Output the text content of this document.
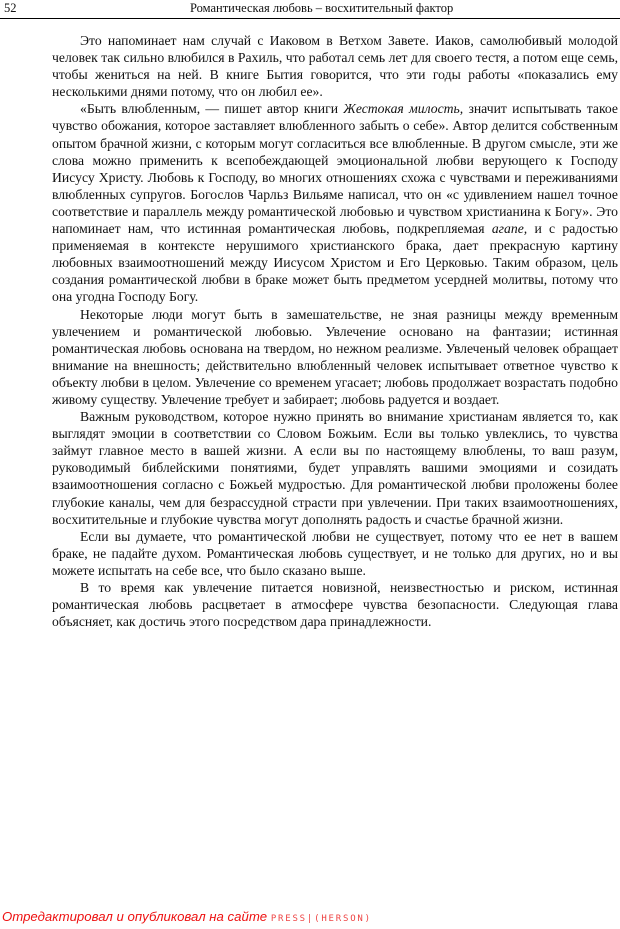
52	Романтическая любовь – восхитительный фактор

Это напоминает нам случай с Иаковом в Ветхом Завете. Иаков, самолюбивый молодой человек так сильно влюбился в Рахиль, что работал семь лет для своего тестя, а потом еще семь, чтобы жениться на ней. В книге Бытия говорится, что эти годы работы «показались ему несколькими днями потому, что он любил ее».

«Быть влюбленным, — пишет автор книги Жестокая милость, значит испытывать такое чувство обожания, которое заставляет влюбленного забыть о себе». Автор делится собственным опытом брачной жизни, с которым могут согласиться все влюбленные. В другом смысле, эти же слова можно применить к всепобеждающей эмоциональной любви верующего к Господу Иисусу Христу. Любовь к Господу, во многих отношениях схожа с чувствами и переживаниями влюбленных супругов. Богослов Чарльз Вильяме написал, что он «с удивлением нашел точное соответствие и параллель между романтической любовью и чувством христианина к Богу». Это напоминает нам, что истинная романтическая любовь, подкрепляемая агапе, и с радостью применяемая в контексте нерушимого христианского брака, дает прекрасную картину любовных взаимоотношений между Иисусом Христом и Его Церковью. Таким образом, цель создания романтической любви в браке может быть предметом усердней молитвы, потому что она угодна Господу Богу.

Некоторые люди могут быть в замешательстве, не зная разницы между временным увлечением и романтической любовью. Увлечение основано на фантазии; истинная романтическая любовь основана на твердом, но нежном реализме. Увлеченый человек обращает внимание на внешность; действительно влюбленный человек испытывает ответное чувство к объекту любви в целом. Увлечение со временем угасает; любовь продолжает возрастать подобно живому существу. Увлечение требует и забирает; любовь радуется и воздает.

Важным руководством, которое нужно принять во внимание христианам является то, как выглядят эмоции в соответствии со Словом Божьим. Если вы только увлеклись, то чувства займут главное место в вашей жизни. А если вы по настоящему влюблены, то ваш разум, руководимый библейскими понятиями, будет управлять вашими эмоциями и созидать взаимоотношения согласно с Божьей мудростью. Для романтической любви проложены более глубокие каналы, чем для безрассудной страсти при увлечении. При таких взаимоотношениях, восхитительные и глубокие чувства могут дополнять радость и счастье брачной жизни.

Если вы думаете, что романтической любви не существует, потому что ее нет в вашем браке, не падайте духом. Романтическая любовь существует, и не только для других, но и вы можете испытать на себе все, что было сказано выше.

В то время как увлечение питается новизной, неизвестностью и риском, истинная романтическая любовь расцветает в атмосфере чувства безопасности. Следующая глава объясняет, как достичь этого посредством дара принадлежности.

Отредактировал и опубликовал на сайте PRESS|(HERSON)
